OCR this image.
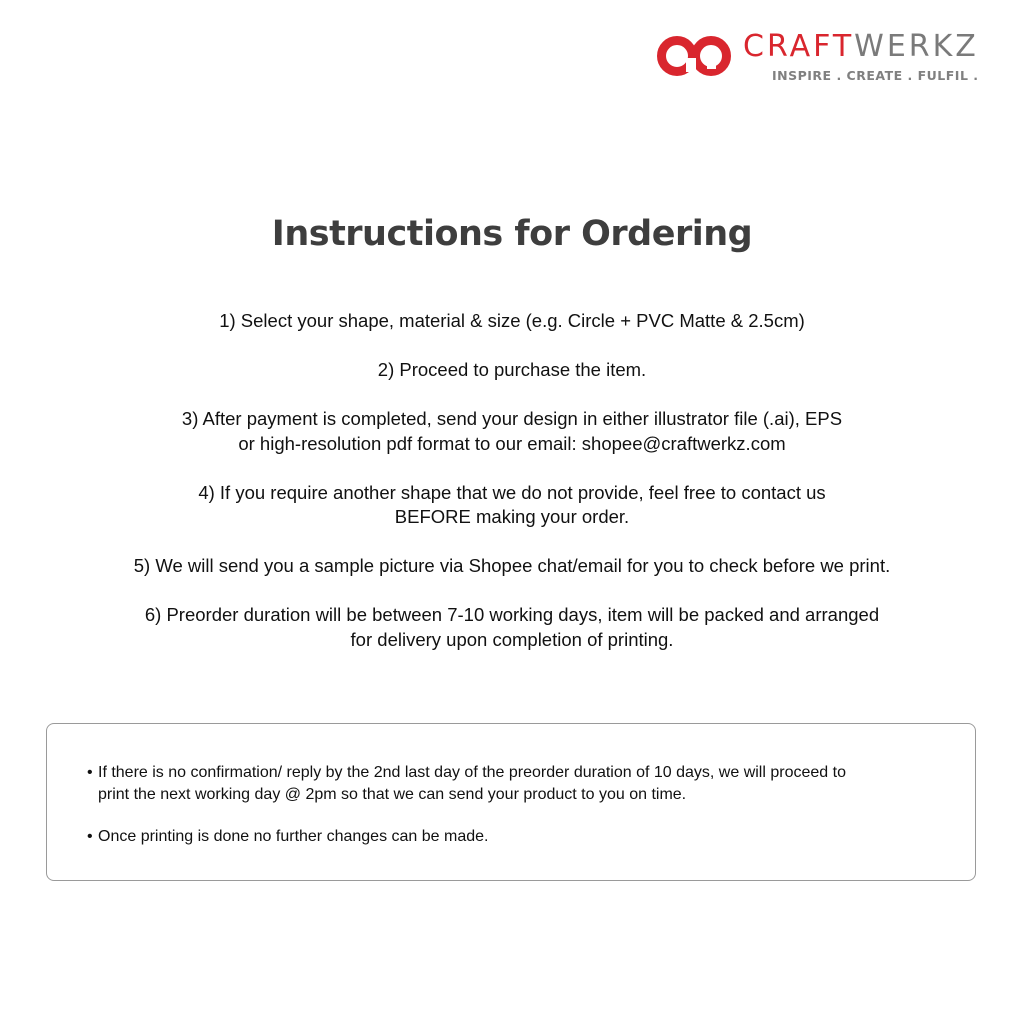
CRAFTWERKZ
INSPIRE . CREATE . FULFIL .
Instructions for Ordering
1) Select your shape, material & size (e.g. Circle + PVC Matte & 2.5cm)
2) Proceed to purchase the item.
3) After payment is completed, send your design in either illustrator file (.ai), EPS
or high-resolution pdf format to our email: shopee@craftwerkz.com
4) If you require another shape that we do not provide, feel free to contact us
BEFORE making your order.
5) We will send you a sample picture via Shopee chat/email for you to check before we print.
6) Preorder duration will be between 7-10 working days, item will be packed and arranged
for delivery upon completion of printing.
• If there is no confirmation/ reply by the 2nd last day of the preorder duration of 10 days, we will proceed to
print the next working day @ 2pm so that we can send your product to you on time.
• Once printing is done no further changes can be made.
